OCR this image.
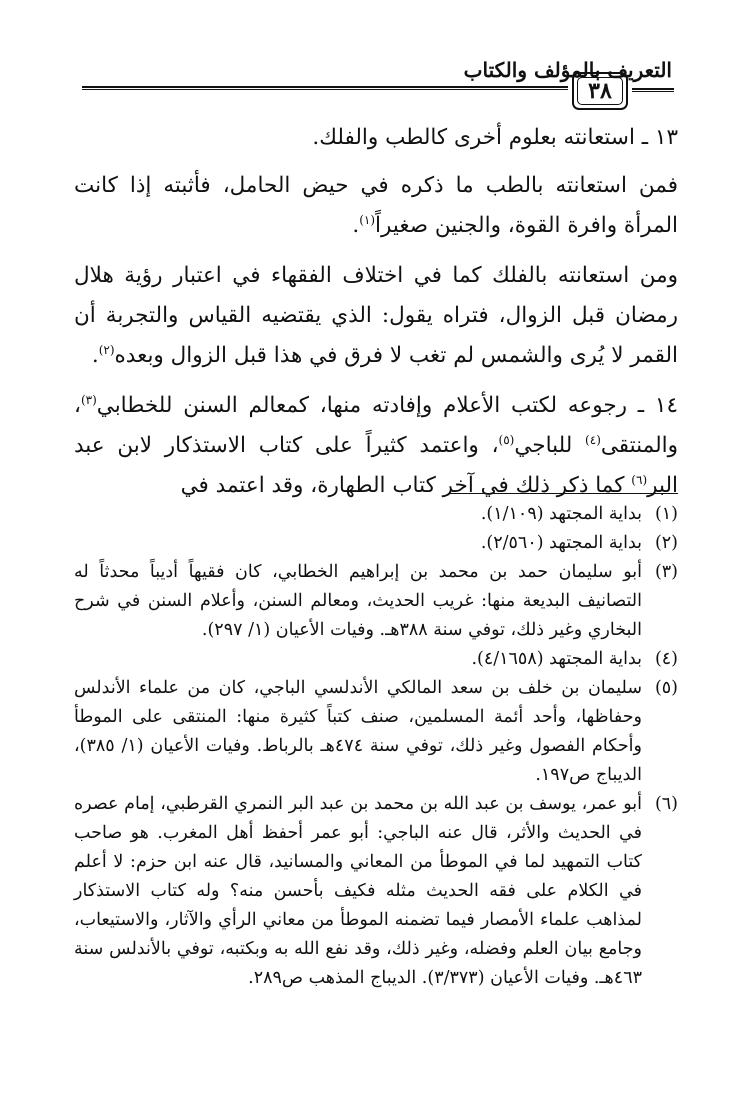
التعريف بالمؤلف والكتاب
٣٨

١٣ ـ استعانته بعلوم أخرى كالطب والفلك.

فمن استعانته بالطب ما ذكره في حيض الحامل، فأثبته إذا كانت المرأة وافرة القوة، والجنين صغيراً$^{(١)}$.

ومن استعانته بالفلك كما في اختلاف الفقهاء في اعتبار رؤية هلال رمضان قبل الزوال، فتراه يقول: الذي يقتضيه القياس والتجربة أن القمر لا يُرى والشمس لم تغب لا فرق في هذا قبل الزوال وبعده$^{(٢)}$.

١٤ ـ رجوعه لكتب الأعلام وإفادته منها، كمعالم السنن للخطابي$^{(٣)}$، والمنتقى$^{(٤)}$ للباجي$^{(٥)}$، واعتمد كثيراً على كتاب الاستذكار لابن عبد البر$^{(٦)}$ كما ذكر ذلك في آخر كتاب الطهارة، وقد اعتمد في

(١)
بداية المجتهد (١/١٠٩).
(٢)
بداية المجتهد (٢/٥٦٠).
(٣)
أبو سليمان حمد بن محمد بن إبراهيم الخطابي، كان فقيهاً أديباً محدثاً له التصانيف البديعة منها: غريب الحديث، ومعالم السنن، وأعلام السنن في شرح البخاري وغير ذلك، توفي سنة ٣٨٨هـ. وفيات الأعيان (١/ ٢٩٧).
(٤)
بداية المجتهد (٤/١٦٥٨).
(٥)
سليمان بن خلف بن سعد المالكي الأندلسي الباجي، كان من علماء الأندلس وحفاظها، وأحد أئمة المسلمين، صنف كتباً كثيرة منها: المنتقى على الموطأ وأحكام الفصول وغير ذلك، توفي سنة ٤٧٤هـ بالرباط. وفيات الأعيان (١/ ٣٨٥)، الديباج ص١٩٧.
(٦)
أبو عمر، يوسف بن عبد الله بن محمد بن عبد البر النمري القرطبي، إمام عصره في الحديث والأثر، قال عنه الباجي: أبو عمر أحفظ أهل المغرب. هو صاحب كتاب التمهيد لما في الموطأ من المعاني والمسانيد، قال عنه ابن حزم: لا أعلم في الكلام على فقه الحديث مثله فكيف بأحسن منه؟ وله كتاب الاستذكار لمذاهب علماء الأمصار فيما تضمنه الموطأ من معاني الرأي والآثار، والاستيعاب، وجامع بيان العلم وفضله، وغير ذلك، وقد نفع الله به وبكتبه، توفي بالأندلس سنة ٤٦٣هـ. وفيات الأعيان (٣/٣٧٣). الديباج المذهب ص٢٨٩.
